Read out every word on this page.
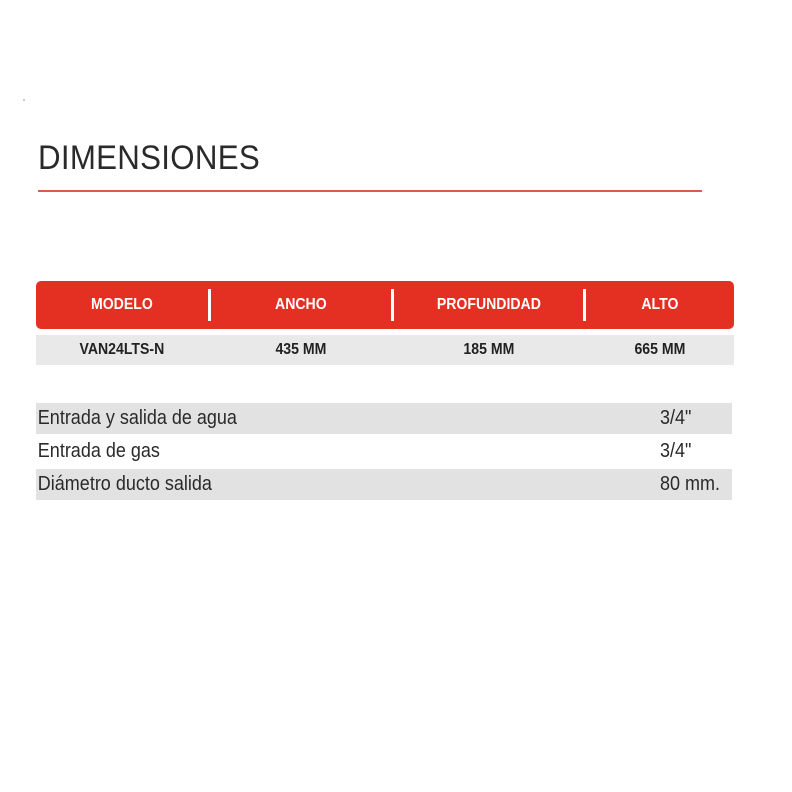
DIMENSIONES
MODELO	ANCHO	PROFUNDIDAD	ALTO
VAN24LTS-N	435 MM	185 MM	665 MM
Entrada y salida de agua	3/4"
Entrada de gas	3/4"
Diámetro ducto salida	80 mm.
